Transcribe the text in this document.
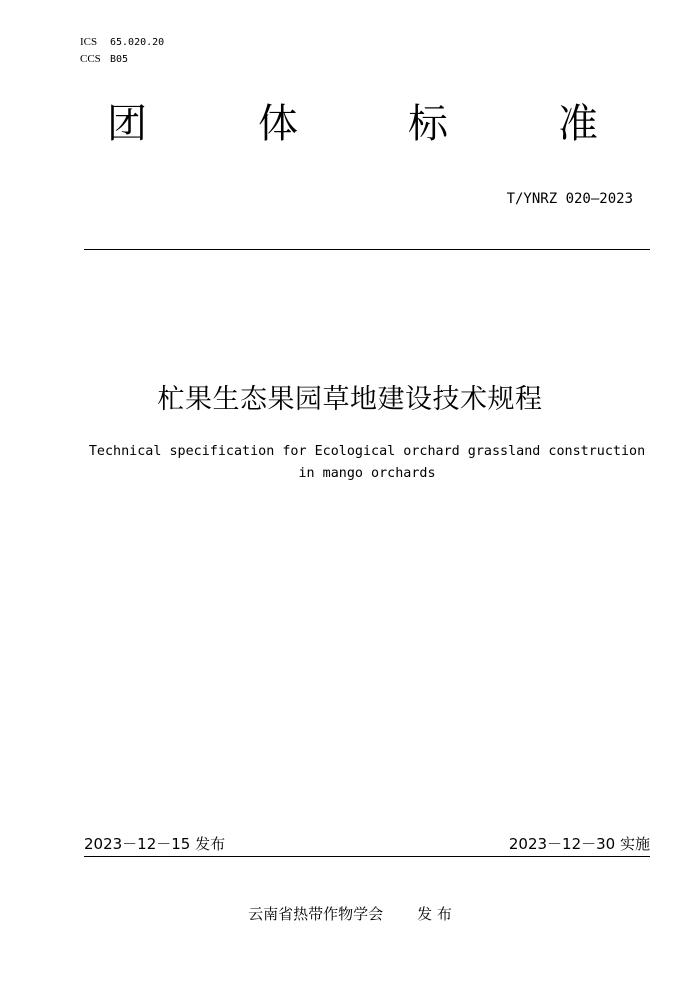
ICS 65.020.20
CCS B05
团	体	标	准
T/YNRZ 020—2023
杧果生态果园草地建设技术规程
Technical specification for Ecological orchard grassland construction
in mango orchards
2023－12－15 发布	2023－12－30 实施
云南省热带作物学会 发 布
